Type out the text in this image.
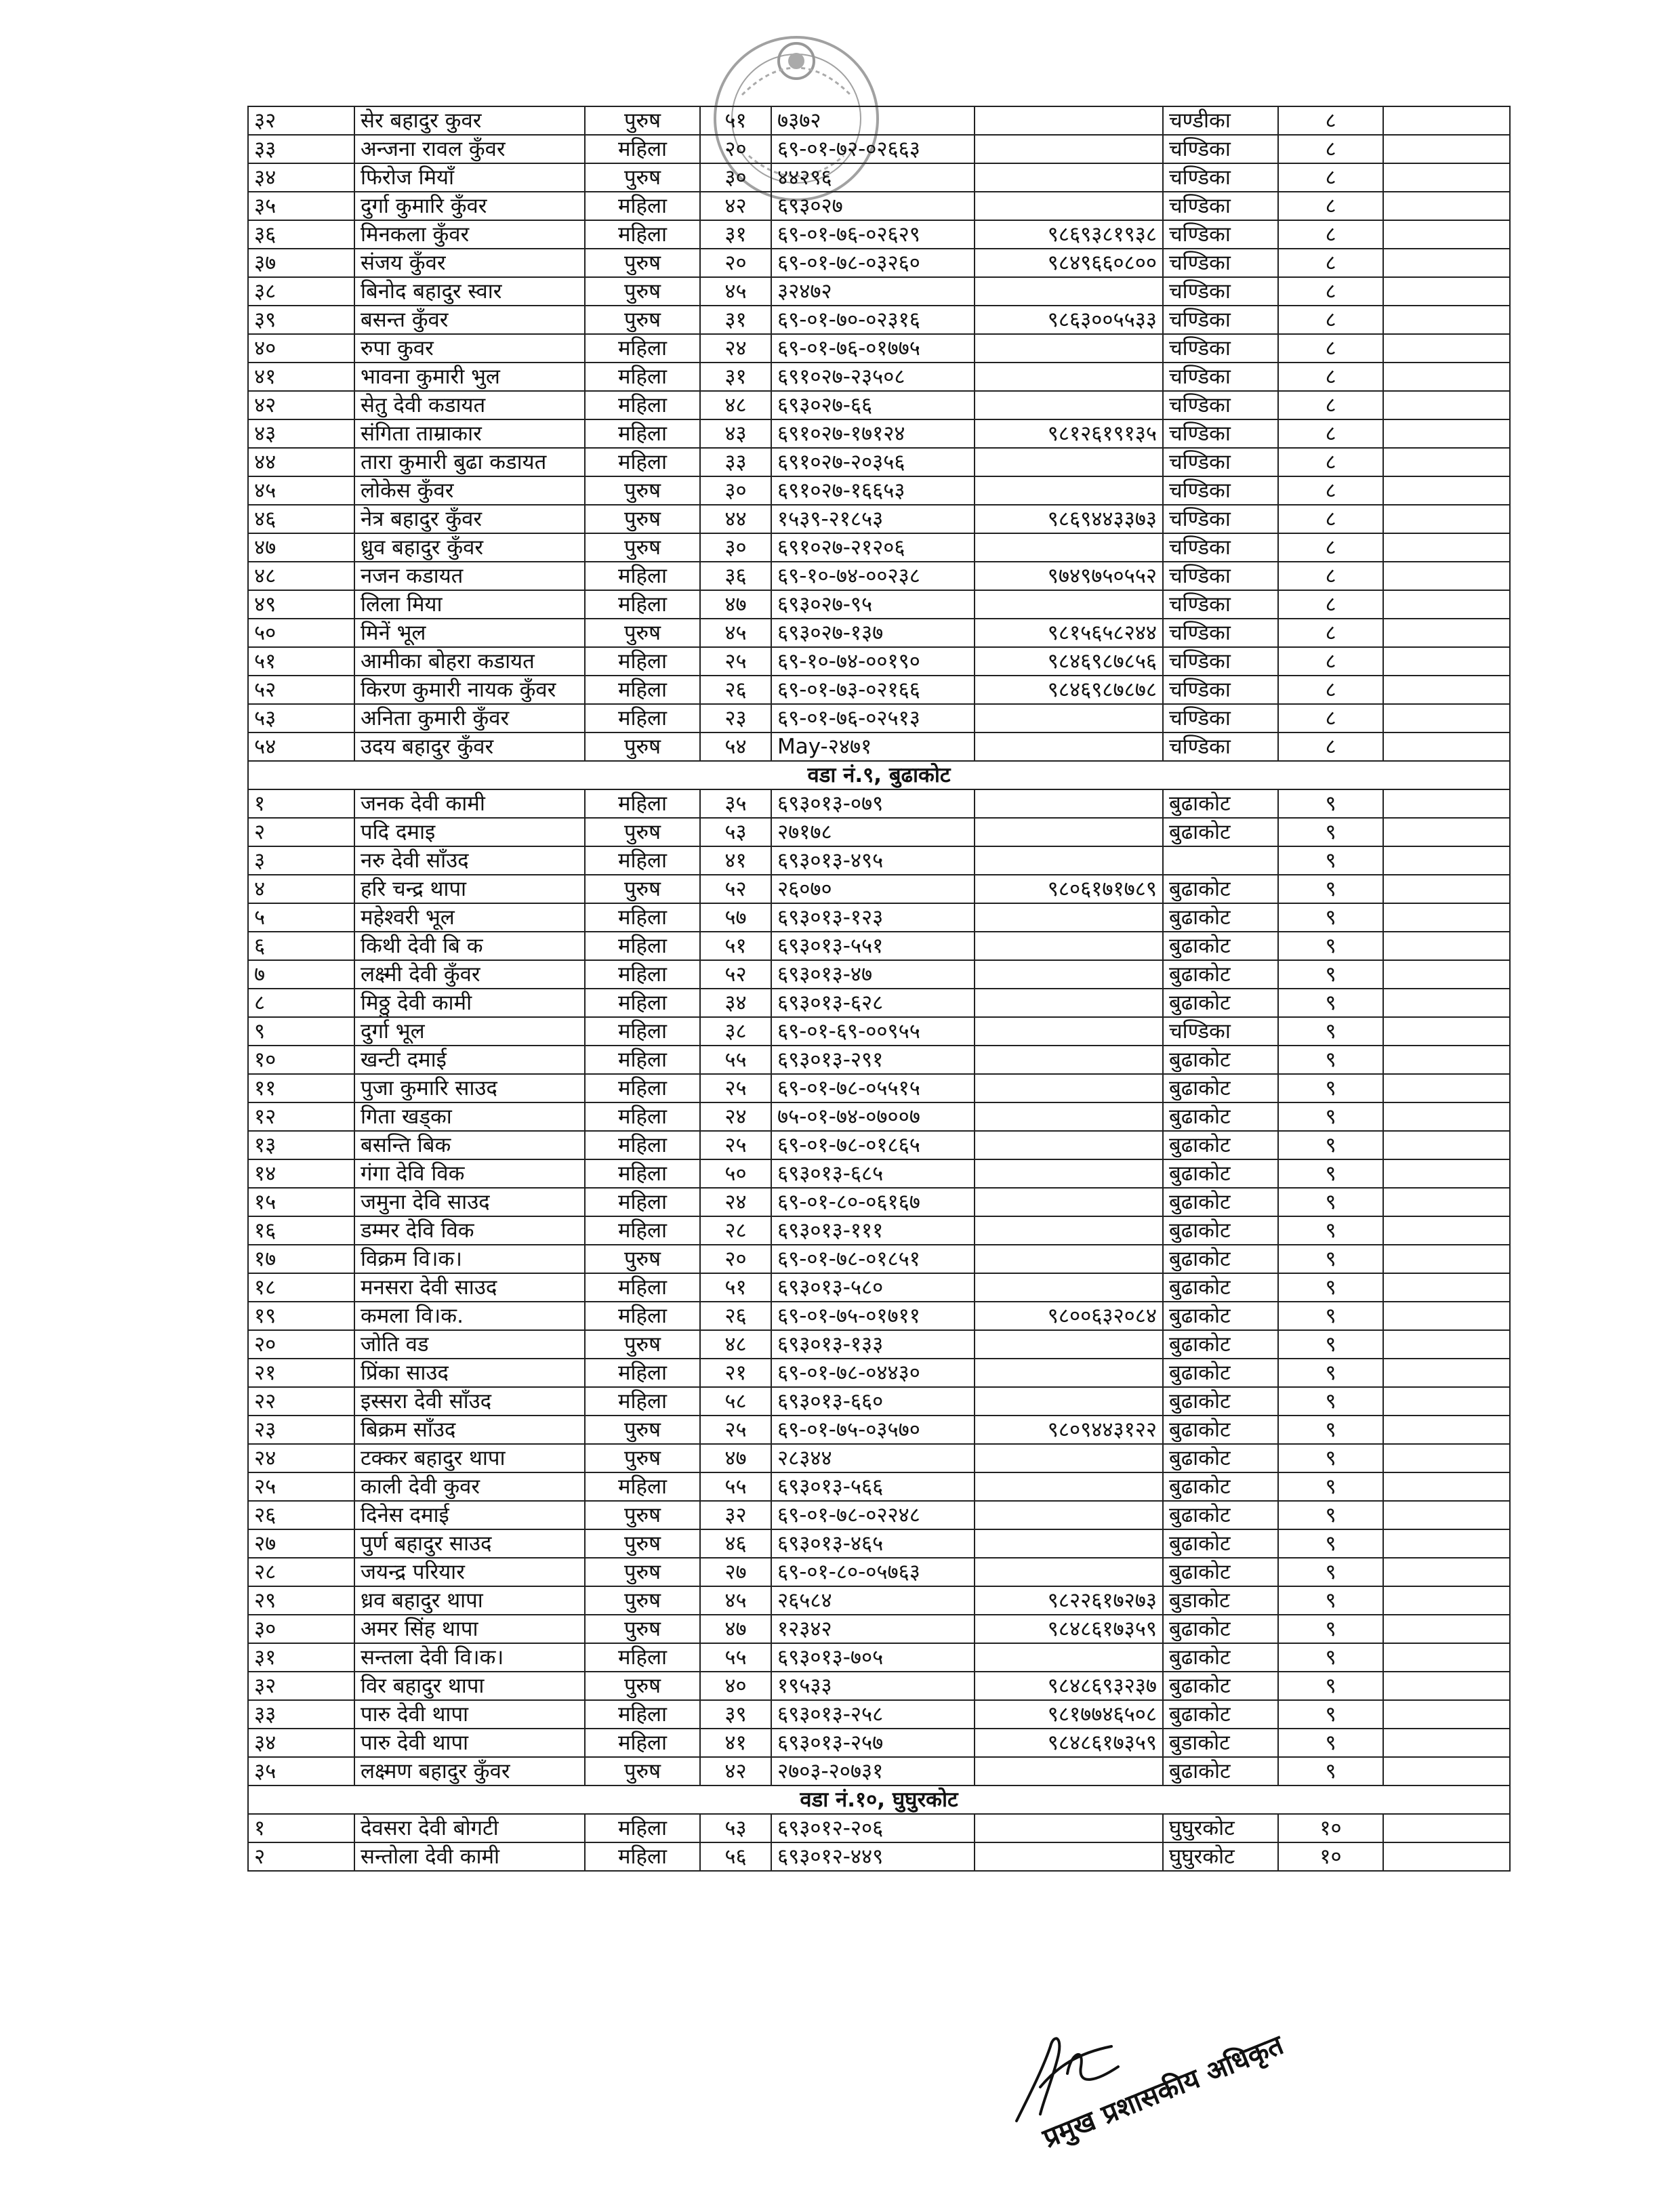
३२	सेर बहादुर कुवर	पुरुष	५१	७३७२		चण्डीका	८	
३३	अन्जना रावल कुँवर	महिला	२०	६९-०१-७२-०२६६३		चण्डिका	८	
३४	फिरोज मियाँ	पुरुष	३०	४४२९६		चण्डिका	८	
३५	दुर्गा कुमारि कुँवर	महिला	४२	६९३०२७		चण्डिका	८	
३६	मिनकला कुँवर	महिला	३१	६९-०१-७६-०२६२९	९८६९३८१९३८	चण्डिका	८	
३७	संजय कुँवर	पुरुष	२०	६९-०१-७८-०३२६०	९८४९६६०८००	चण्डिका	८	
३८	बिनोद बहादुर स्वार	पुरुष	४५	३२४७२		चण्डिका	८	
३९	बसन्त कुँवर	पुरुष	३१	६९-०१-७०-०२३१६	९८६३००५५३३	चण्डिका	८	
४०	रुपा कुवर	महिला	२४	६९-०१-७६-०१७७५		चण्डिका	८	
४१	भावना कुमारी भुल	महिला	३१	६९१०२७-२३५०८		चण्डिका	८	
४२	सेतु देवी कडायत	महिला	४८	६९३०२७-६६		चण्डिका	८	
४३	संगिता ताम्राकार	महिला	४३	६९१०२७-१७१२४	९८१२६१९१३५	चण्डिका	८	
४४	तारा कुमारी बुढा कडायत	महिला	३३	६९१०२७-२०३५६		चण्डिका	८	
४५	लोकेस कुँवर	पुरुष	३०	६९१०२७-१६६५३		चण्डिका	८	
४६	नेत्र बहादुर कुँवर	पुरुष	४४	१५३९-२१८५३	९८६९४४३३७३	चण्डिका	८	
४७	ध्रुव बहादुर कुँवर	पुरुष	३०	६९१०२७-२१२०६		चण्डिका	८	
४८	नजन कडायत	महिला	३६	६९-१०-७४-००२३८	९७४९७५०५५२	चण्डिका	८	
४९	लिला मिया	महिला	४७	६९३०२७-९५		चण्डिका	८	
५०	मिनें भूल	पुरुष	४५	६९३०२७-१३७	९८१५६५८२४४	चण्डिका	८	
५१	आमीका बोहरा कडायत	महिला	२५	६९-१०-७४-००१९०	९८४६९८७८५६	चण्डिका	८	
५२	किरण कुमारी नायक कुँवर	महिला	२६	६९-०१-७३-०२१६६	९८४६९८७८७८	चण्डिका	८	
५३	अनिता कुमारी कुँवर	महिला	२३	६९-०१-७६-०२५१३		चण्डिका	८	
५४	उदय बहादुर कुँवर	पुरुष	५४	May-२४७१		चण्डिका	८	
वडा नं.९, बुढाकोट								
१	जनक देवी कामी	महिला	३५	६९३०१३-०७९		बुढाकोट	९	
२	पदि दमाइ	पुरुष	५३	२७१७८		बुढाकोट	९	
३	नरु देवी साँउद	महिला	४१	६९३०१३-४९५			९	
४	हरि चन्द्र थापा	पुरुष	५२	२६०७०	९८०६१७१७८९	बुढाकोट	९	
५	महेश्वरी भूल	महिला	५७	६९३०१३-१२३		बुढाकोट	९	
६	किथी देवी बि क	महिला	५१	६९३०१३-५५१		बुढाकोट	९	
७	लक्ष्मी देवी कुँवर	महिला	५२	६९३०१३-४७		बुढाकोट	९	
८	मिठ्ठु देवी कामी	महिला	३४	६९३०१३-६२८		बुढाकोट	९	
९	दुर्गा भूल	महिला	३८	६९-०१-६९-००९५५		चण्डिका	९	
१०	खन्टी दमाई	महिला	५५	६९३०१३-२९१		बुढाकोट	९	
११	पुजा कुमारि साउद	महिला	२५	६९-०१-७८-०५५१५		बुढाकोट	९	
१२	गिता खड्का	महिला	२४	७५-०१-७४-०७००७		बुढाकोट	९	
१३	बसन्ति बिक	महिला	२५	६९-०१-७८-०१८६५		बुढाकोट	९	
१४	गंगा देवि विक	महिला	५०	६९३०१३-६८५		बुढाकोट	९	
१५	जमुना देवि साउद	महिला	२४	६९-०१-८०-०६१६७		बुढाकोट	९	
१६	डम्मर देवि विक	महिला	२८	६९३०१३-१११		बुढाकोट	९	
१७	विक्रम वि।क।	पुरुष	२०	६९-०१-७८-०१८५१		बुढाकोट	९	
१८	मनसरा देवी साउद	महिला	५१	६९३०१३-५८०		बुढाकोट	९	
१९	कमला वि।क.	महिला	२६	६९-०१-७५-०१७११	९८००६३२०८४	बुढाकोट	९	
२०	जोति वड	पुरुष	४८	६९३०१३-१३३		बुढाकोट	९	
२१	प्रिंका साउद	महिला	२१	६९-०१-७८-०४४३०		बुढाकोट	९	
२२	इस्सरा देवी साँउद	महिला	५८	६९३०१३-६६०		बुढाकोट	९	
२३	बिक्रम साँउद	पुरुष	२५	६९-०१-७५-०३५७०	९८०९४४३१२२	बुढाकोट	९	
२४	टक्कर बहादुर थापा	पुरुष	४७	२८३४४		बुढाकोट	९	
२५	काली देवी कुवर	महिला	५५	६९३०१३-५६६		बुढाकोट	९	
२६	दिनेस दमाई	पुरुष	३२	६९-०१-७८-०२२४८		बुढाकोट	९	
२७	पुर्ण बहादुर साउद	पुरुष	४६	६९३०१३-४६५		बुढाकोट	९	
२८	जयन्द्र परियार	पुरुष	२७	६९-०१-८०-०५७६३		बुढाकोट	९	
२९	ध्रव बहादुर थापा	पुरुष	४५	२६५८४	९८२२६१७२७३	बुडाकोट	९	
३०	अमर सिंह थापा	पुरुष	४७	१२३४२	९८४८६१७३५९	बुढाकोट	९	
३१	सन्तला देवी वि।क।	महिला	५५	६९३०१३-७०५		बुढाकोट	९	
३२	विर बहादुर थापा	पुरुष	४०	१९५३३	९८४८६९३२३७	बुढाकोट	९	
३३	पारु देवी थापा	महिला	३९	६९३०१३-२५८	९८१७७४६५०८	बुढाकोट	९	
३४	पारु देवी थापा	महिला	४१	६९३०१३-२५७	९८४८६१७३५९	बुडाकोट	९	
३५	लक्ष्मण बहादुर कुँवर	पुरुष	४२	२७०३-२०७३१		बुढाकोट	९	
वडा नं.१०, घुघुरकोट								
१	देवसरा देवी बोगटी	महिला	५३	६९३०१२-२०६		घुघुरकोट	१०	
२	सन्तोला देवी कामी	महिला	५६	६९३०१२-४४९		घुघुरकोट	१०	
प्रमुख प्रशासकीय अधिकृत
